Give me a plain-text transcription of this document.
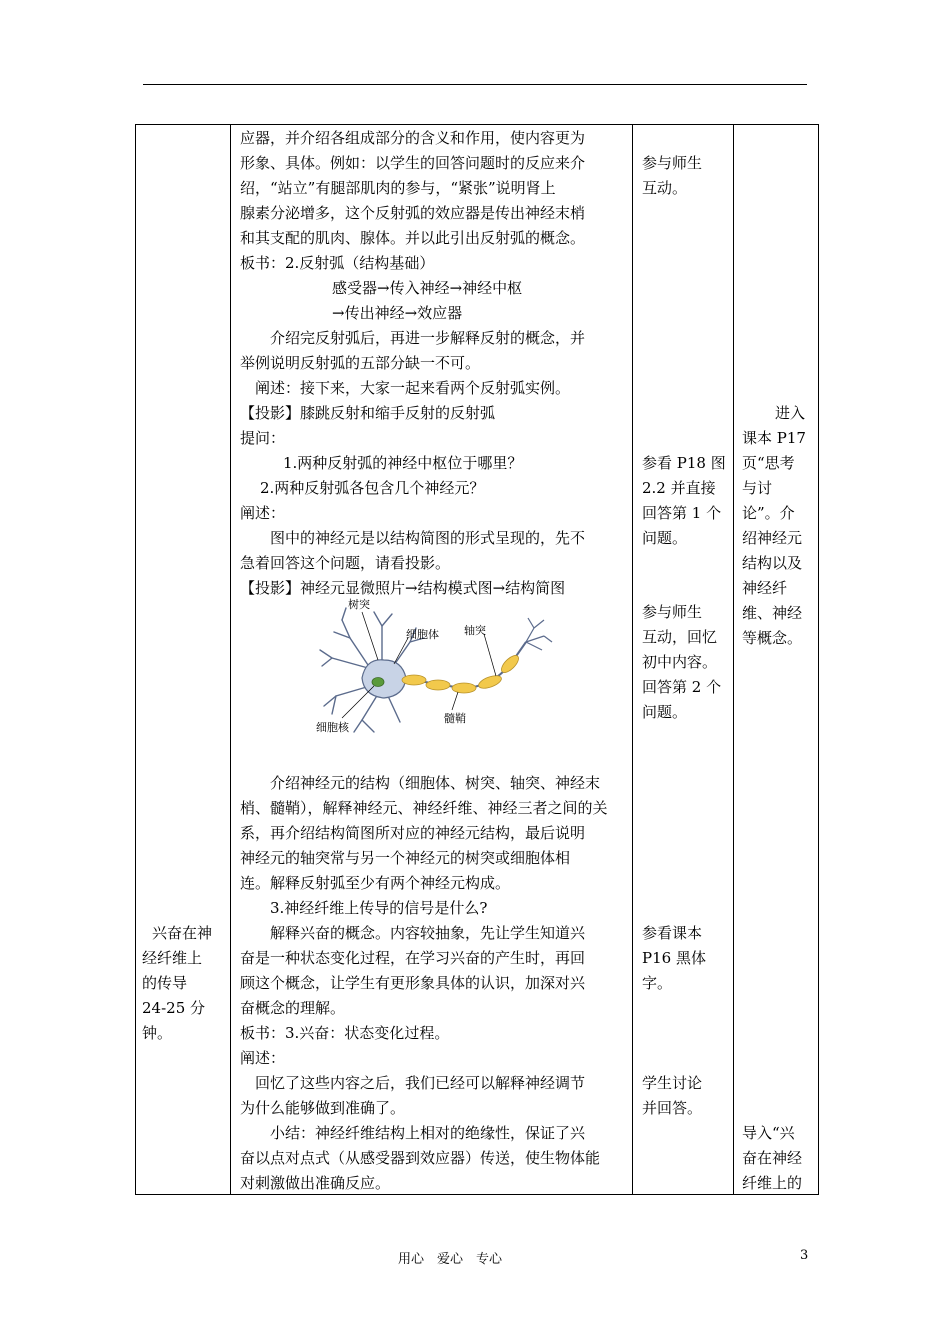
应器，并介绍各组成部分的含义和作用，使内容更为
形象、具体。例如：以学生的回答问题时的反应来介
绍，“站立”有腿部肌肉的参与，“紧张”说明肾上
腺素分泌增多，这个反射弧的效应器是传出神经末梢
和其支配的肌肉、腺体。并以此引出反射弧的概念。
板书：2.反射弧（结构基础）
感受器→传入神经→神经中枢
→传出神经→效应器
介绍完反射弧后，再进一步解释反射的概念，并
举例说明反射弧的五部分缺一不可。
阐述：接下来，大家一起来看两个反射弧实例。
【投影】膝跳反射和缩手反射的反射弧
提问：
1.两种反射弧的神经中枢位于哪里？
2.两种反射弧各包含几个神经元？
阐述：
图中的神经元是以结构简图的形式呈现的，先不
急着回答这个问题，请看投影。
【投影】神经元显微照片→结构模式图→结构简图
树突
细胞体 轴突
细胞核
髓鞘
介绍神经元的结构（细胞体、树突、轴突、神经末
梢、髓鞘），解释神经元、神经纤维、神经三者之间的关
系，再介绍结构简图所对应的神经元结构，最后说明
神经元的轴突常与另一个神经元的树突或细胞体相
连。解释反射弧至少有两个神经元构成。
3.神经纤维上传导的信号是什么?
解释兴奋的概念。内容较抽象，先让学生知道兴
奋是一种状态变化过程，在学习兴奋的产生时，再回
顾这个概念，让学生有更形象具体的认识，加深对兴
奋概念的理解。
板书：3.兴奋：状态变化过程。
阐述：
回忆了这些内容之后，我们已经可以解释神经调节
为什么能够做到准确了。
小结：神经纤维结构上相对的绝缘性，保证了兴
奋以点对点式（从感受器到效应器）传送，使生物体能
对刺激做出准确反应。
兴奋在神
经纤维上
的传导
24-25 分
钟。
参与师生
互动。
参看 P18 图
2.2 并直接
回答第 1 个
问题。
参与师生
互动，回忆
初中内容。
回答第 2 个
问题。
参看课本
P16 黑体
字。
学生讨论
并回答。
进入
课本 P17
页“思考
与讨
论”。介
绍神经元
结构以及
神经纤
维、神经
等概念。
导入“兴
奋在神经
纤维上的
用心　爱心　专心	3
